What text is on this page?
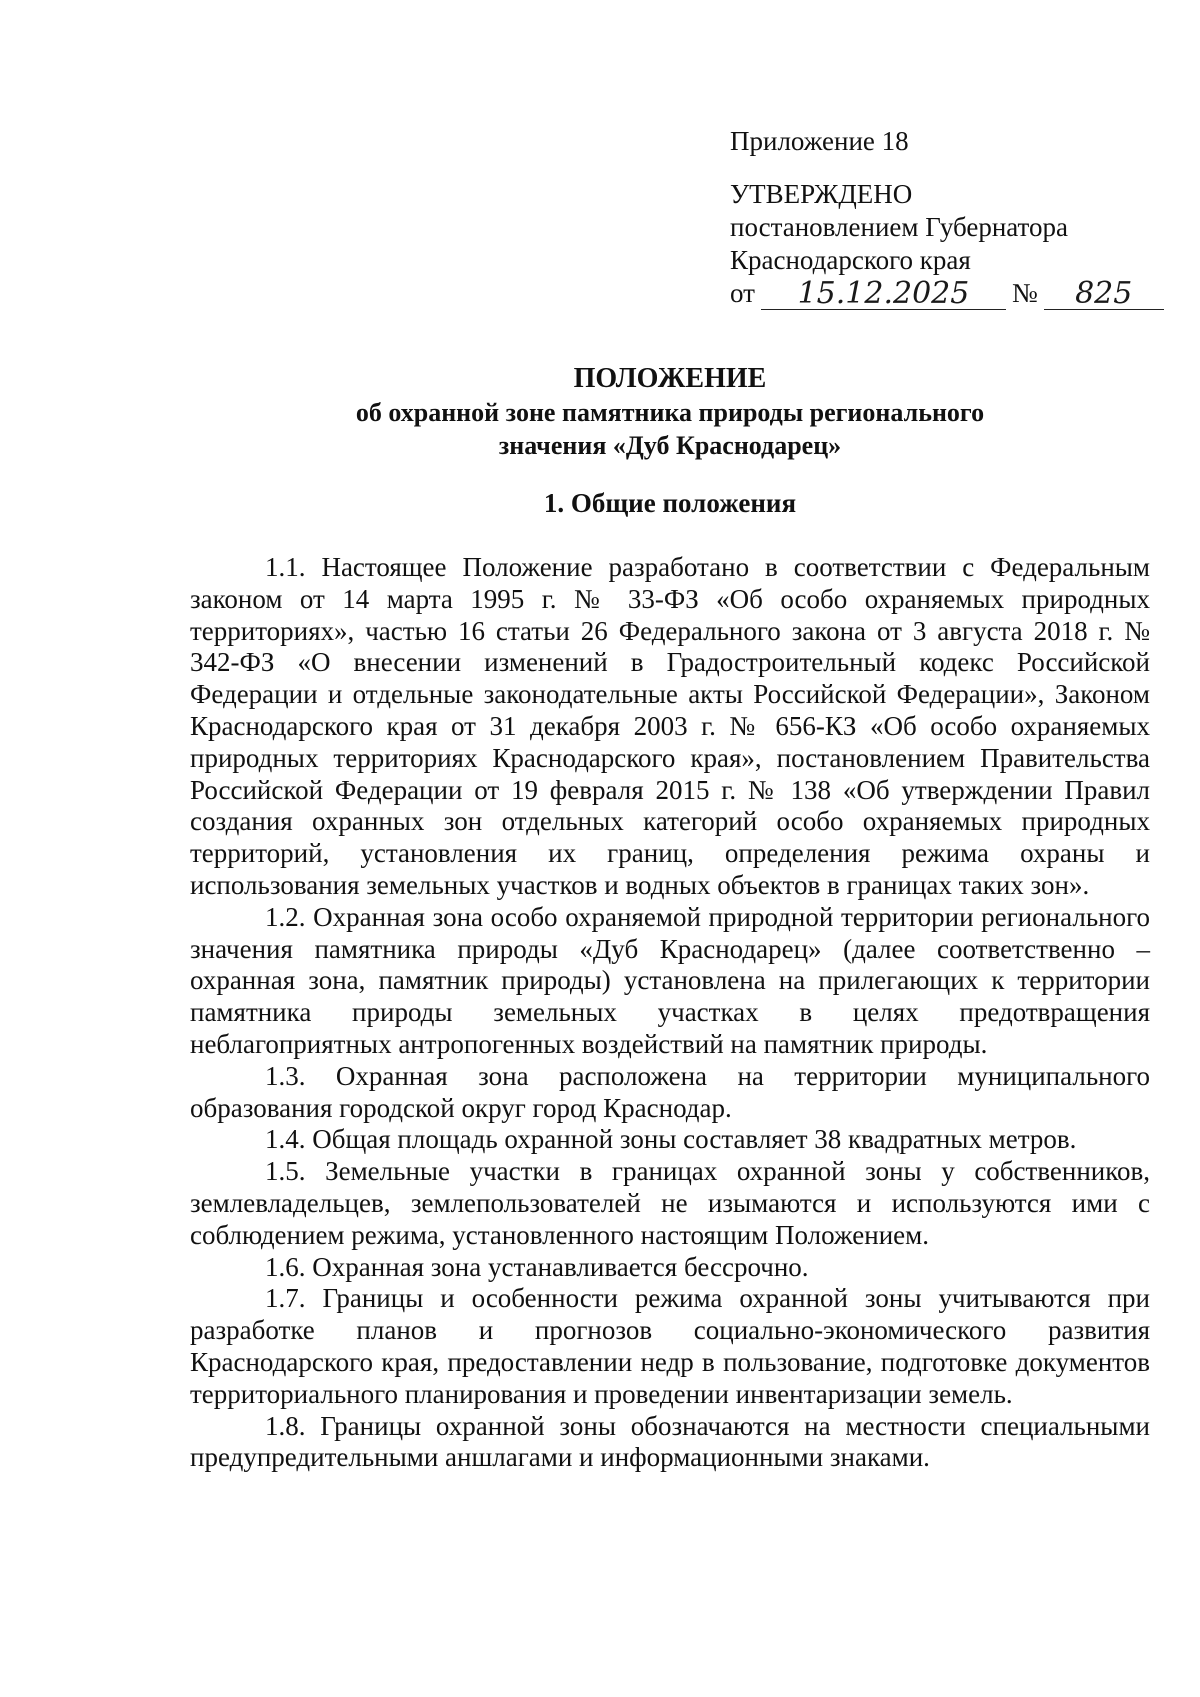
Приложение 18
УТВЕРЖДЕНО
постановлением Губернатора
Краснодарского края
от	15.12.2025	№	825
ПОЛОЖЕНИЕ
об охранной зоне памятника природы регионального
значения «Дуб Краснодарец»
1. Общие положения

1.1. Настоящее Положение разработано в соответствии с Федеральным законом от 14 марта 1995 г. № 33-ФЗ «Об особо охраняемых природных территориях», частью 16 статьи 26 Федерального закона от 3 августа 2018 г. № 342-ФЗ «О внесении изменений в Градостроительный кодекс Российской Федерации и отдельные законодательные акты Российской Федерации», Законом Краснодарского края от 31 декабря 2003 г. № 656-КЗ «Об особо охраняемых природных территориях Краснодарского края», постановлением Правительства Российской Федерации от 19 февраля 2015 г. № 138 «Об утверждении Правил создания охранных зон отдельных категорий особо охраняемых природных территорий, установления их границ, определения режима охраны и использования земельных участков и водных объектов в границах таких зон».

1.2. Охранная зона особо охраняемой природной территории регионального значения памятника природы «Дуб Краснодарец» (далее соответственно – охранная зона, памятник природы) установлена на прилегающих к территории памятника природы земельных участках в целях предотвращения неблагоприятных антропогенных воздействий на памятник природы.

1.3. Охранная зона расположена на территории муниципального образования городской округ город Краснодар.

1.4. Общая площадь охранной зоны составляет 38 квадратных метров.

1.5. Земельные участки в границах охранной зоны у собственников, землевладельцев, землепользователей не изымаются и используются ими с соблюдением режима, установленного настоящим Положением.

1.6. Охранная зона устанавливается бессрочно.

1.7. Границы и особенности режима охранной зоны учитываются при разработке планов и прогнозов социально-экономического развития Краснодарского края, предоставлении недр в пользование, подготовке документов территориального планирования и проведении инвентаризации земель.

1.8. Границы охранной зоны обозначаются на местности специальными предупредительными аншлагами и информационными знаками.
